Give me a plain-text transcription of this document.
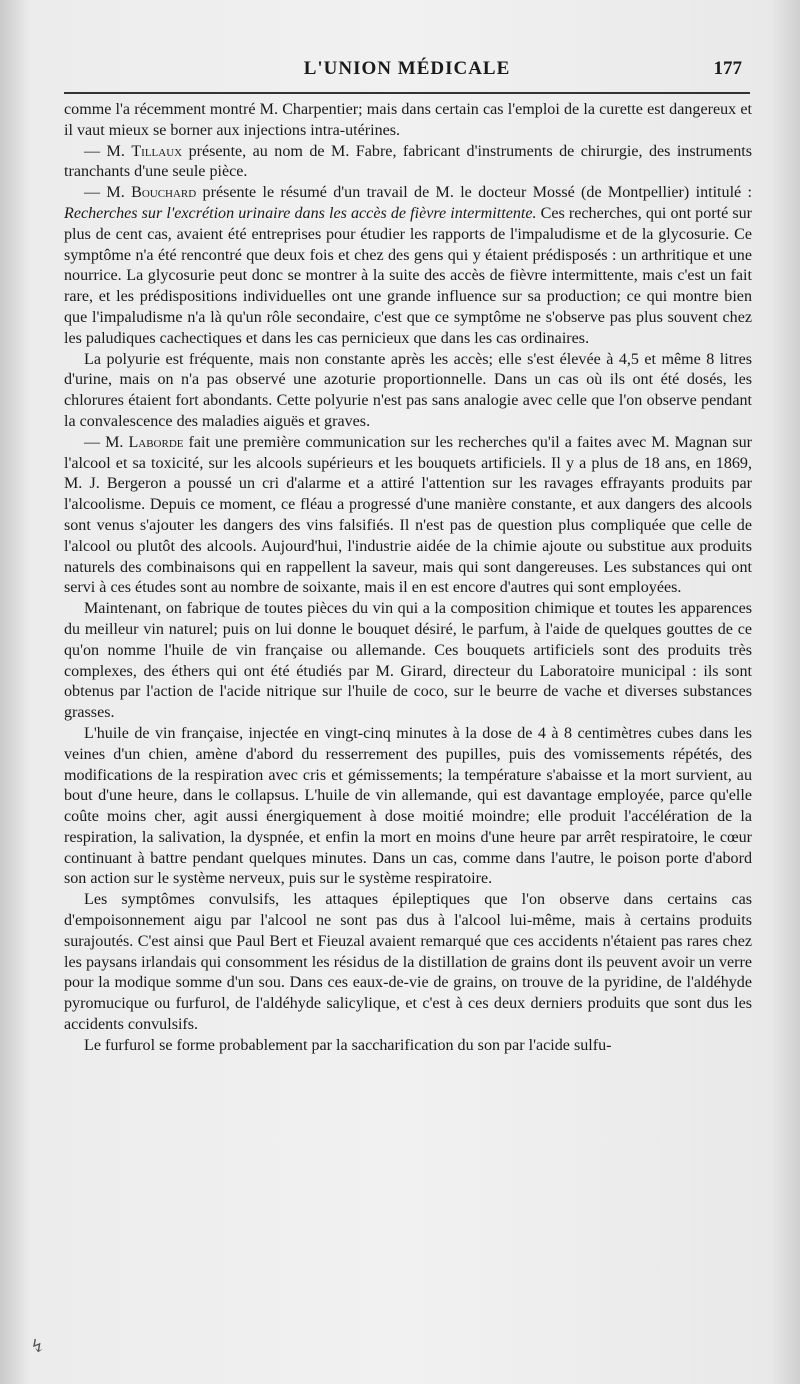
L'UNION MÉDICALE	177

comme l'a récemment montré M. Charpentier; mais dans certain cas l'emploi de la curette est dangereux et il vaut mieux se borner aux injections intra-utérines.

— M. Tillaux présente, au nom de M. Fabre, fabricant d'instruments de chirurgie, des instruments tranchants d'une seule pièce.

— M. Bouchard présente le résumé d'un travail de M. le docteur Mossé (de Montpellier) intitulé : Recherches sur l'excrétion urinaire dans les accès de fièvre intermittente. Ces recherches, qui ont porté sur plus de cent cas, avaient été entreprises pour étudier les rapports de l'impaludisme et de la glycosurie. Ce symptôme n'a été rencontré que deux fois et chez des gens qui y étaient prédisposés : un arthritique et une nourrice. La glycosurie peut donc se montrer à la suite des accès de fièvre intermittente, mais c'est un fait rare, et les prédispositions individuelles ont une grande influence sur sa production; ce qui montre bien que l'impaludisme n'a là qu'un rôle secondaire, c'est que ce symptôme ne s'observe pas plus souvent chez les paludiques cachectiques et dans les cas pernicieux que dans les cas ordinaires.

La polyurie est fréquente, mais non constante après les accès; elle s'est élevée à 4,5 et même 8 litres d'urine, mais on n'a pas observé une azoturie proportionnelle. Dans un cas où ils ont été dosés, les chlorures étaient fort abondants. Cette polyurie n'est pas sans analogie avec celle que l'on observe pendant la convalescence des maladies aiguës et graves.

— M. Laborde fait une première communication sur les recherches qu'il a faites avec M. Magnan sur l'alcool et sa toxicité, sur les alcools supérieurs et les bouquets artificiels. Il y a plus de 18 ans, en 1869, M. J. Bergeron a poussé un cri d'alarme et a attiré l'attention sur les ravages effrayants produits par l'alcoolisme. Depuis ce moment, ce fléau a progressé d'une manière constante, et aux dangers des alcools sont venus s'ajouter les dangers des vins falsifiés. Il n'est pas de question plus compliquée que celle de l'alcool ou plutôt des alcools. Aujourd'hui, l'industrie aidée de la chimie ajoute ou substitue aux produits naturels des combinaisons qui en rappellent la saveur, mais qui sont dangereuses. Les substances qui ont servi à ces études sont au nombre de soixante, mais il en est encore d'autres qui sont employées.

Maintenant, on fabrique de toutes pièces du vin qui a la composition chimique et toutes les apparences du meilleur vin naturel; puis on lui donne le bouquet désiré, le parfum, à l'aide de quelques gouttes de ce qu'on nomme l'huile de vin française ou allemande. Ces bouquets artificiels sont des produits très complexes, des éthers qui ont été étudiés par M. Girard, directeur du Laboratoire municipal : ils sont obtenus par l'action de l'acide nitrique sur l'huile de coco, sur le beurre de vache et diverses substances grasses.

L'huile de vin française, injectée en vingt-cinq minutes à la dose de 4 à 8 centimètres cubes dans les veines d'un chien, amène d'abord du resserrement des pupilles, puis des vomissements répétés, des modifications de la respiration avec cris et gémissements; la température s'abaisse et la mort survient, au bout d'une heure, dans le collapsus. L'huile de vin allemande, qui est davantage employée, parce qu'elle coûte moins cher, agit aussi énergiquement à dose moitié moindre; elle produit l'accélération de la respiration, la salivation, la dyspnée, et enfin la mort en moins d'une heure par arrêt respiratoire, le cœur continuant à battre pendant quelques minutes. Dans un cas, comme dans l'autre, le poison porte d'abord son action sur le système nerveux, puis sur le système respiratoire.

Les symptômes convulsifs, les attaques épileptiques que l'on observe dans certains cas d'empoisonnement aigu par l'alcool ne sont pas dus à l'alcool lui-même, mais à certains produits surajoutés. C'est ainsi que Paul Bert et Fieuzal avaient remarqué que ces accidents n'étaient pas rares chez les paysans irlandais qui consomment les résidus de la distillation de grains dont ils peuvent avoir un verre pour la modique somme d'un sou. Dans ces eaux-de-vie de grains, on trouve de la pyridine, de l'aldéhyde pyromucique ou furfurol, de l'aldéhyde salicylique, et c'est à ces deux derniers produits que sont dus les accidents convulsifs.

Le furfurol se forme probablement par la saccharification du son par l'acide sulfu-

↯
